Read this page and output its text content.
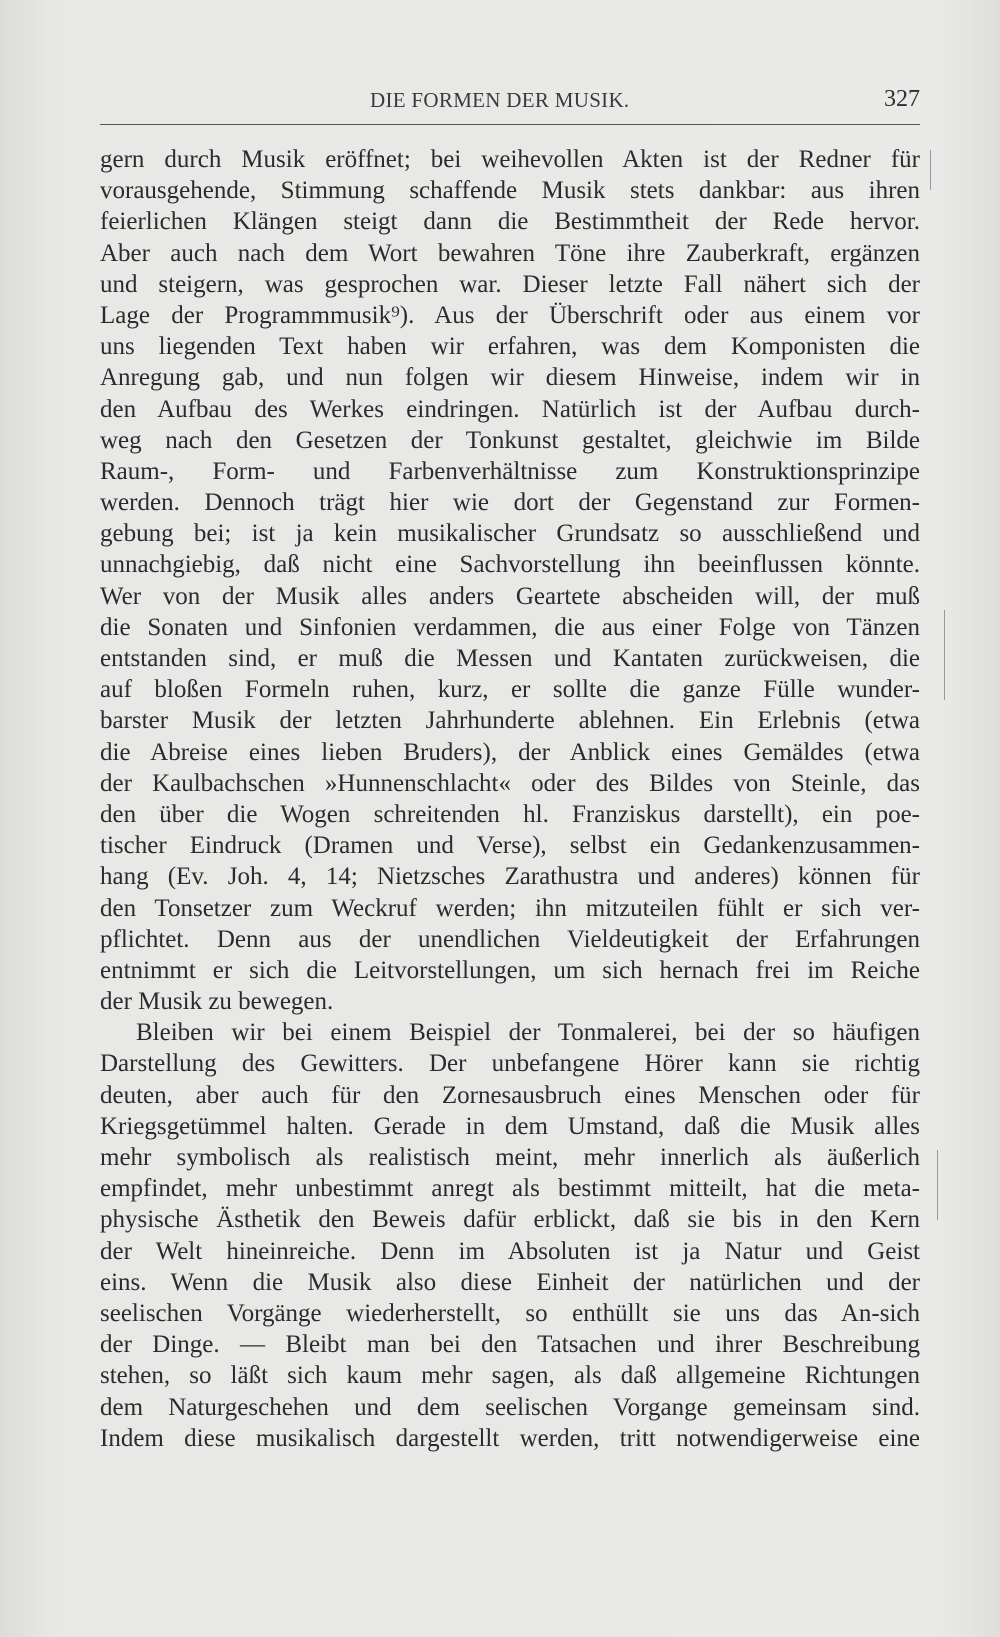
DIE FORMEN DER MUSIK.	327
gern durch Musik eröffnet; bei weihevollen Akten ist der Redner für
vorausgehende, Stimmung schaffende Musik stets dankbar: aus ihren
feierlichen Klängen steigt dann die Bestimmtheit der Rede hervor.
Aber auch nach dem Wort bewahren Töne ihre Zauberkraft, ergänzen
und steigern, was gesprochen war. Dieser letzte Fall nähert sich der
Lage der Programmmusik⁹). Aus der Überschrift oder aus einem vor
uns liegenden Text haben wir erfahren, was dem Komponisten die
Anregung gab, und nun folgen wir diesem Hinweise, indem wir in
den Aufbau des Werkes eindringen. Natürlich ist der Aufbau durch-
weg nach den Gesetzen der Tonkunst gestaltet, gleichwie im Bilde
Raum-, Form- und Farbenverhältnisse zum Konstruktionsprinzipe
werden. Dennoch trägt hier wie dort der Gegenstand zur Formen-
gebung bei; ist ja kein musikalischer Grundsatz so ausschließend und
unnachgiebig, daß nicht eine Sachvorstellung ihn beeinflussen könnte.
Wer von der Musik alles anders Geartete abscheiden will, der muß
die Sonaten und Sinfonien verdammen, die aus einer Folge von Tänzen
entstanden sind, er muß die Messen und Kantaten zurückweisen, die
auf bloßen Formeln ruhen, kurz, er sollte die ganze Fülle wunder-
barster Musik der letzten Jahrhunderte ablehnen. Ein Erlebnis (etwa
die Abreise eines lieben Bruders), der Anblick eines Gemäldes (etwa
der Kaulbachschen »Hunnenschlacht« oder des Bildes von Steinle, das
den über die Wogen schreitenden hl. Franziskus darstellt), ein poe-
tischer Eindruck (Dramen und Verse), selbst ein Gedankenzusammen-
hang (Ev. Joh. 4, 14; Nietzsches Zarathustra und anderes) können für
den Tonsetzer zum Weckruf werden; ihn mitzuteilen fühlt er sich ver-
pflichtet. Denn aus der unendlichen Vieldeutigkeit der Erfahrungen
entnimmt er sich die Leitvorstellungen, um sich hernach frei im Reiche
der Musik zu bewegen.
Bleiben wir bei einem Beispiel der Tonmalerei, bei der so häufigen
Darstellung des Gewitters. Der unbefangene Hörer kann sie richtig
deuten, aber auch für den Zornesausbruch eines Menschen oder für
Kriegsgetümmel halten. Gerade in dem Umstand, daß die Musik alles
mehr symbolisch als realistisch meint, mehr innerlich als äußerlich
empfindet, mehr unbestimmt anregt als bestimmt mitteilt, hat die meta-
physische Ästhetik den Beweis dafür erblickt, daß sie bis in den Kern
der Welt hineinreiche. Denn im Absoluten ist ja Natur und Geist
eins. Wenn die Musik also diese Einheit der natürlichen und der
seelischen Vorgänge wiederherstellt, so enthüllt sie uns das An-sich
der Dinge. — Bleibt man bei den Tatsachen und ihrer Beschreibung
stehen, so läßt sich kaum mehr sagen, als daß allgemeine Richtungen
dem Naturgeschehen und dem seelischen Vorgange gemeinsam sind.
Indem diese musikalisch dargestellt werden, tritt notwendigerweise eine
